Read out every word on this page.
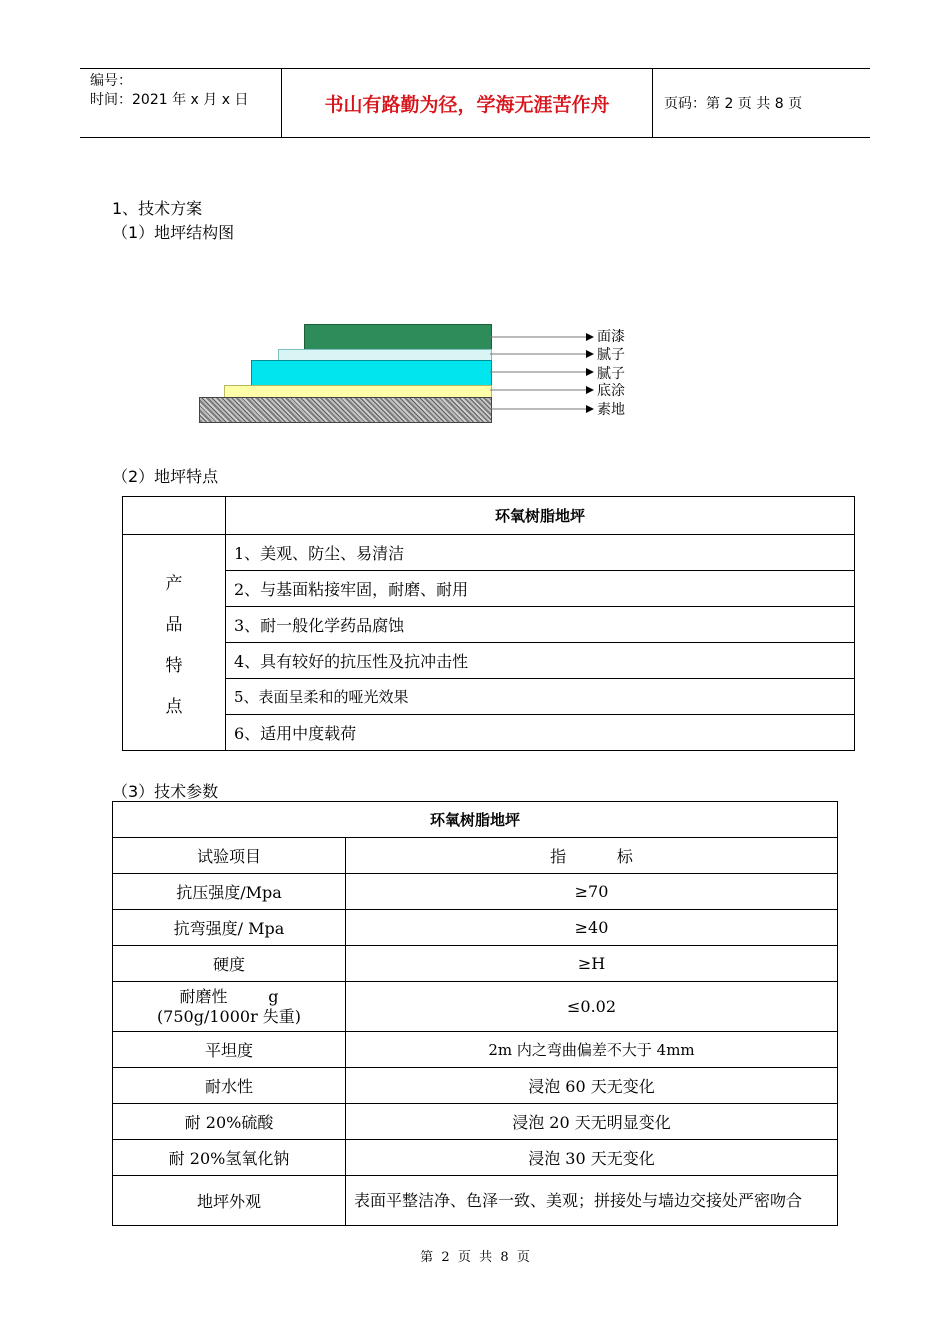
编号：
时间：2021 年 x 月 x 日	书山有路勤为径，学海无涯苦作舟	页码：第 2 页 共 8 页
1、技术方案
（1）地坪结构图
面漆
腻子
腻子
底涂
素地
（2）地坪特点
	环氧树脂地坪

产
品
特
点	1、美观、防尘、易清洁
	2、与基面粘接牢固，耐磨、耐用
	3、耐一般化学药品腐蚀
	4、具有较好的抗压性及抗冲击性
	5、表面呈柔和的哑光效果
	6、适用中度载荷
（3）技术参数
环氧树脂地坪	
试验项目	指          标
抗压强度/Mpa	≥70
抗弯强度/ Mpa	≥40
硬度	≥H

耐磨性        g
(750g/1000r 失重)	≤0.02
平坦度	2m 内之弯曲偏差不大于 4mm
耐水性	浸泡 60 天无变化
耐 20%硫酸	浸泡 20 天无明显变化
耐 20%氢氧化钠	浸泡 30 天无变化
地坪外观	表面平整洁净、色泽一致、美观；拼接处与墙边交接处严密吻合
第  2  页  共  8  页
